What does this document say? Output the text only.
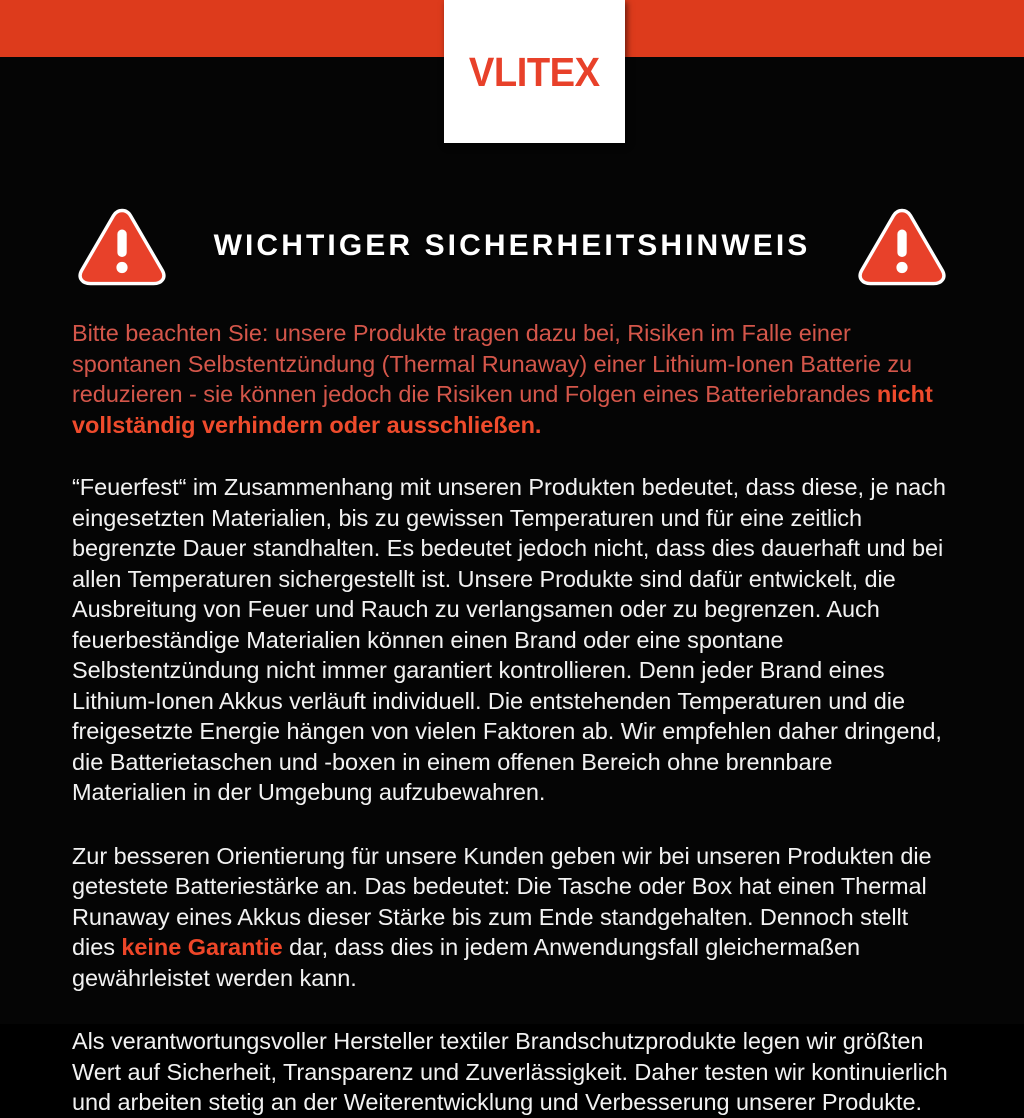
VLITEX
WICHTIGER SICHERHEITSHINWEIS

Bitte beachten Sie: unsere Produkte tragen dazu bei, Risiken im Falle einer spontanen Selbstentzündung (Thermal Runaway) einer Lithium-Ionen Batterie zu reduzieren - sie können jedoch die Risiken und Folgen eines Batteriebrandes nicht vollständig verhindern oder ausschließen.

“Feuerfest“ im Zusammenhang mit unseren Produkten bedeutet, dass diese, je nach eingesetzten Materialien, bis zu gewissen Temperaturen und für eine zeitlich begrenzte Dauer standhalten. Es bedeutet jedoch nicht, dass dies dauerhaft und bei allen Temperaturen sichergestellt ist. Unsere Produkte sind dafür entwickelt, die Ausbreitung von Feuer und Rauch zu verlangsamen oder zu begrenzen. Auch feuerbeständige Materialien können einen Brand oder eine spontane Selbstentzündung nicht immer garantiert kontrollieren. Denn jeder Brand eines Lithium-Ionen Akkus verläuft individuell. Die entstehenden Temperaturen und die freigesetzte Energie hängen von vielen Faktoren ab. Wir empfehlen daher dringend, die Batterietaschen und -boxen in einem offenen Bereich ohne brennbare Materialien in der Umgebung aufzubewahren.

Zur besseren Orientierung für unsere Kunden geben wir bei unseren Produkten die getestete Batteriestärke an. Das bedeutet: Die Tasche oder Box hat einen Thermal Runaway eines Akkus dieser Stärke bis zum Ende standgehalten. Dennoch stellt dies keine Garantie dar, dass dies in jedem Anwendungsfall gleichermaßen gewährleistet werden kann.

Als verantwortungsvoller Hersteller textiler Brandschutzprodukte legen wir größten Wert auf Sicherheit, Transparenz und Zuverlässigkeit. Daher testen wir kontinuierlich und arbeiten stetig an der Weiterentwicklung und Verbesserung unserer Produkte.
